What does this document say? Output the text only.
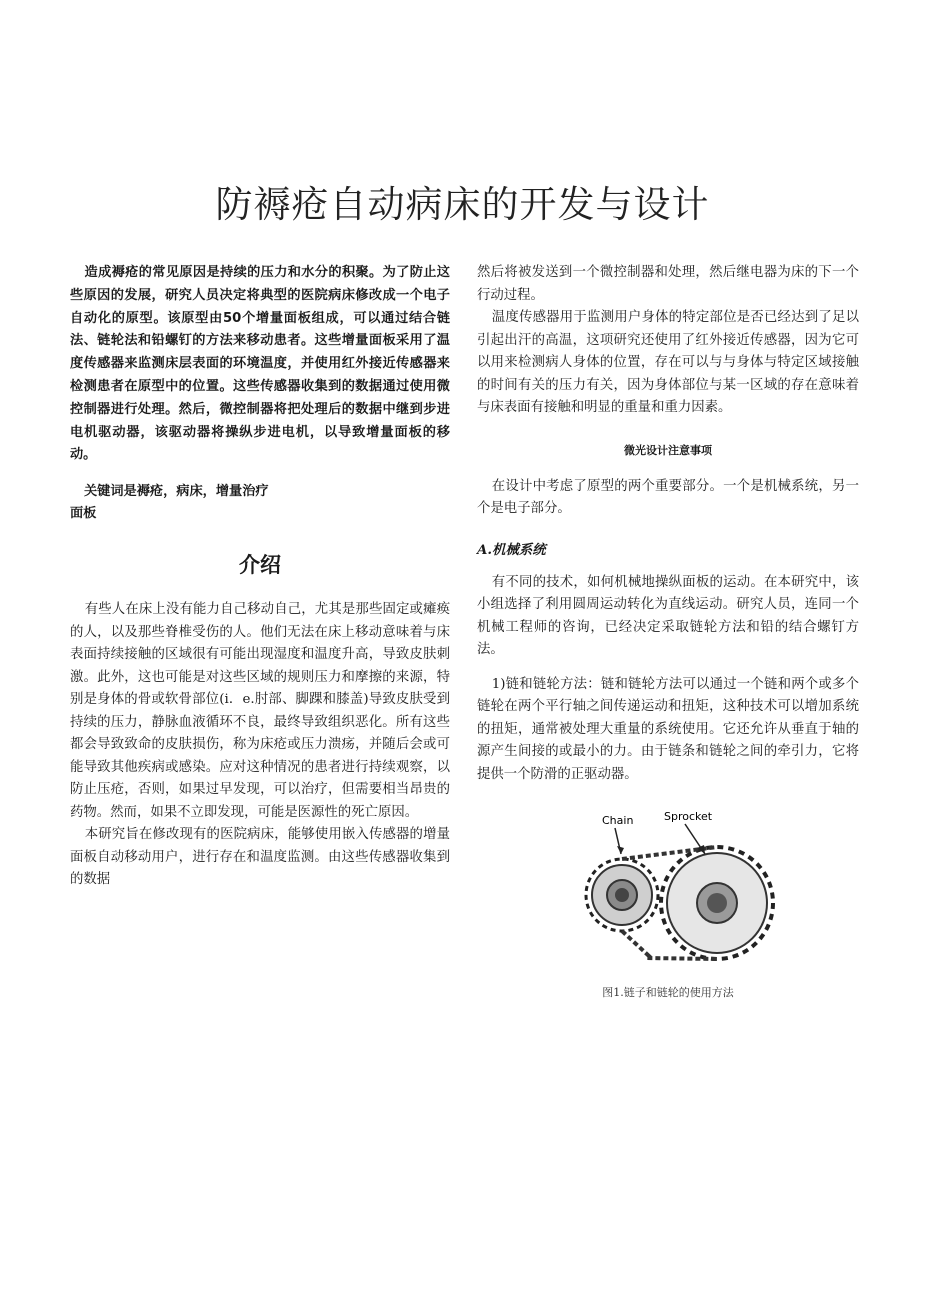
防褥疮自动病床的开发与设计

造成褥疮的常见原因是持续的压力和水分的积聚。为了防止这些原因的发展，研究人员决定将典型的医院病床修改成一个电子自动化的原型。该原型由50个增量面板组成，可以通过结合链法、链轮法和铅螺钉的方法来移动患者。这些增量面板采用了温度传感器来监测床层表面的环境温度，并使用红外接近传感器来检测患者在原型中的位置。这些传感器收集到的数据通过使用微控制器进行处理。然后，微控制器将把处理后的数据中继到步进电机驱动器，该驱动器将操纵步进电机，以导致增量面板的移动。

关键词是褥疮，病床，增量治疗
面板
介绍

有些人在床上没有能力自己移动自己，尤其是那些固定或瘫痪的人，以及那些脊椎受伤的人。他们无法在床上移动意味着与床表面持续接触的区域很有可能出现湿度和温度升高，导致皮肤刺激。此外，这也可能是对这些区域的规则压力和摩擦的来源，特别是身体的骨或软骨部位(i．e.肘部、脚踝和膝盖)导致皮肤受到持续的压力，静脉血液循环不良，最终导致组织恶化。所有这些都会导致致命的皮肤损伤，称为床疮或压力溃疡，并随后会或可能导致其他疾病或感染。应对这种情况的患者进行持续观察，以防止压疮，否则，如果过早发现，可以治疗，但需要相当昂贵的药物。然而，如果不立即发现，可能是医源性的死亡原因。

本研究旨在修改现有的医院病床，能够使用嵌入传感器的增量面板自动移动用户，进行存在和温度监测。由这些传感器收集到的数据

然后将被发送到一个微控制器和处理，然后继电器为床的下一个行动过程。

温度传感器用于监测用户身体的特定部位是否已经达到了足以引起出汗的高温，这项研究还使用了红外接近传感器，因为它可以用来检测病人身体的位置，存在可以与与身体与特定区域接触的时间有关的压力有关，因为身体部位与某一区域的存在意味着与床表面有接触和明显的重量和重力因素。

微光设计注意事项

在设计中考虑了原型的两个重要部分。一个是机械系统，另一个是电子部分。

A.机械系统

有不同的技术，如何机械地操纵面板的运动。在本研究中，该小组选择了利用圆周运动转化为直线运动。研究人员，连同一个机械工程师的咨询，已经决定采取链轮方法和铅的结合螺钉方法。

1)链和链轮方法：链和链轮方法可以通过一个链和两个或多个链轮在两个平行轴之间传递运动和扭矩，这种技术可以增加系统的扭矩，通常被处理大重量的系统使用。它还允许从垂直于轴的源产生间接的或最小的力。由于链条和链轮之间的牵引力，它将提供一个防滑的正驱动器。

Chain	Sprocket
图1.链子和链轮的使用方法
